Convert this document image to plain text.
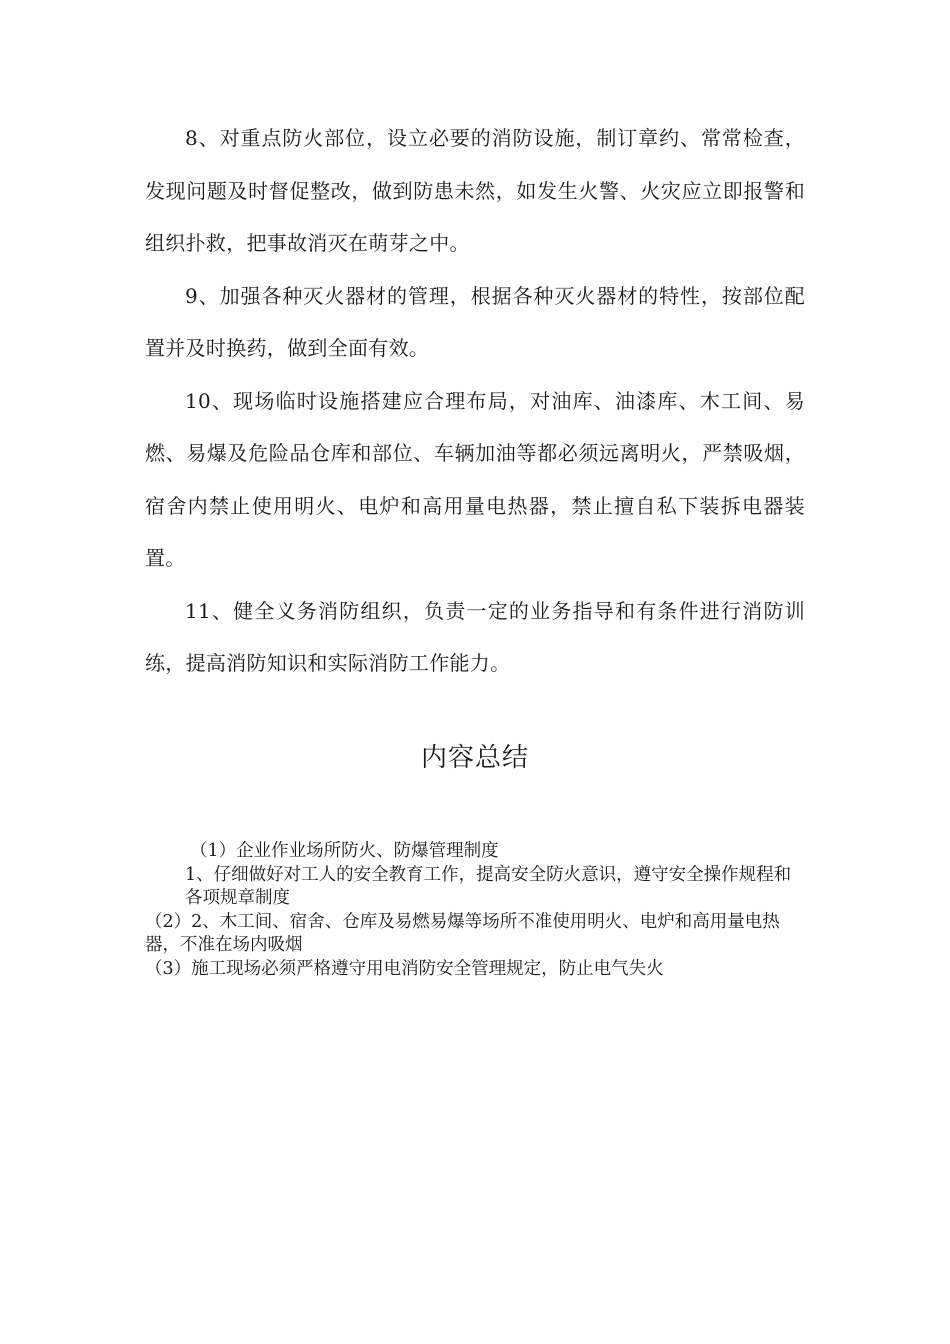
8、对重点防火部位，设立必要的消防设施，制订章约、常常检查，发现问题及时督促整改，做到防患未然，如发生火警、火灾应立即报警和组织扑救，把事故消灭在萌芽之中。

9、加强各种灭火器材的管理，根据各种灭火器材的特性，按部位配置并及时换药，做到全面有效。

10、现场临时设施搭建应合理布局，对油库、油漆库、木工间、易燃、易爆及危险品仓库和部位、车辆加油等都必须远离明火，严禁吸烟，宿舍内禁止使用明火、电炉和高用量电热器，禁止擅自私下装拆电器装置。

11、健全义务消防组织，负责一定的业务指导和有条件进行消防训练，提高消防知识和实际消防工作能力。

内容总结

（1）企业作业场所防火、防爆管理制度

1、仔细做好对工人的安全教育工作，提高安全防火意识，遵守安全操作规程和各项规章制度

（2）2、木工间、宿舍、仓库及易燃易爆等场所不准使用明火、电炉和高用量电热器，不准在场内吸烟

（3）施工现场必须严格遵守用电消防安全管理规定，防止电气失火
